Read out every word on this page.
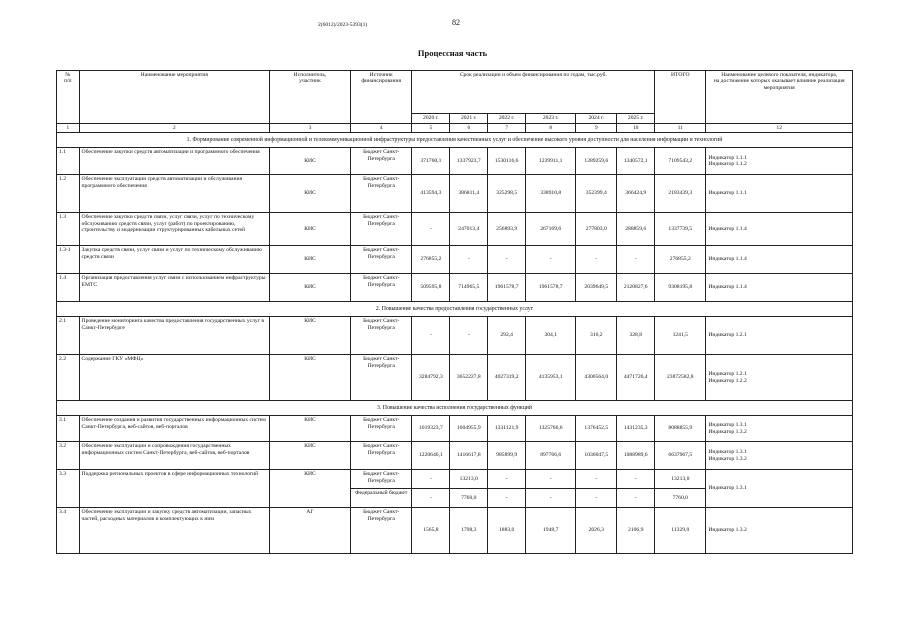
2(6012)/2023-5393(1)	82
Процессная часть
№
п/п	Наименование мероприятия	Исполнитель,
участник	Источник
финансирования	Срок реализации и объем финансирования по годам, тыс.руб.						ИТОГО	Наименование целевого показателя, индикатора,
на достижение которых оказывает влияние реализация мероприятия
				2020 г.	2021 г.	2022 г.	2023 г.	2024 г.	2025 г.		
1	2	3	4	5	6	7	8	9	10	11	12
1. Формирование современной информационной и телекоммуникационной инфраструктуры предоставления качественных услуг и обеспечение высокого уровня доступности для населения информации и технологий											
1.1	Обеспечение закупки средств автоматизации и программного обеспечения	КИС	Бюджет Санкт-Петербурга	371760,1	1337923,7	1530116,6	1239911,1	1289259,6	1340572,1	7109543,2	Индикатор 1.1.1
Индикатор 1.1.2

1.2	Обеспечение эксплуатации средств автоматизации и обслуживания программного обеспечения	КИС	Бюджет Санкт-Петербурга	413594,3	386811,4	325298,5	338910,8	352399,4	366424,9	2183439,3	Индикатор 1.1.1

1.3	Обеспечение закупки средств связи, услуг связи, услуг по техническому обслуживанию средств связи, услуг (работ) по проектированию, строительству и модернизации структурированных кабельных сетей	КИС	Бюджет Санкт-Петербурга	-	247013,4	256893,9	267169,6	277803,0	288859,6	1337739,5	Индикатор 1.1.4

1.3-1	Закупка средств связи, услуг связи и услуг по техническому обслуживанию средств связи	КИС	Бюджет Санкт-Петербурга	276855,2	-	-	-	-	-	276855,2	Индикатор 1.1.4

1.4	Организация предоставления услуг связи с использованием инфраструктуры ЕМТС	КИС	Бюджет Санкт-Петербурга	509595,8	714965,5	1961578,7	1961578,7	2039649,5	2120827,6	9308195,8	Индикатор 1.1.4

2. Повышение качества предоставления государственных услуг											
2.1	Проведение мониторинга качества предоставления государственных услуг в Санкт-Петербурге	КИС	Бюджет Санкт-Петербурга	-	-	292,4	304,1	316,2	328,8	1241,5	Индикатор 1.2.1

2.2	Содержание ГКУ «МФЦ»	КИС	Бюджет Санкт-Петербурга	3284792,3	3652227,8	4027319,2	4135953,1	4300564,0	4471726,4	23872582,8	Индикатор 1.2.1
Индикатор 1.2.2

3. Повышение качества исполнения государственных функций											
3.1	Обеспечение создания и развития государственных информационных систем Санкт-Петербурга, веб-сайтов, веб-порталов	КИС	Бюджет Санкт-Петербурга	1019323,7	1604955,9	1331121,9	1325766,6	1376452,5	1431235,3	8088855,9	Индикатор 1.3.1
Индикатор 1.3.2

3.2	Обеспечение эксплуатации и сопровождения государственных информационных систем Санкт-Петербурга, веб-сайтов, веб-порталов	КИС	Бюджет Санкт-Петербурга	1220646,1	1416617,8	985899,9	897766,6	1036047,5	1088989,6	6637967,5	Индикатор 1.3.1
Индикатор 1.3.2

3.3	Поддержка региональных проектов в сфере информационных технологий	КИС	Бюджет Санкт-Петербурга	-	13213,0	-	-	-	-	13213,0	Индикатор 1.3.1

			Федеральный бюджет	-	7760,0	-	-	-	-	7760,0	
3.4	Обеспечение эксплуатации и закупку средств автоматизации, запасных частей, расходных материалов и комплектующих к ним	АГ	Бюджет Санкт-Петербурга	1565,8	1798,3	1883,0	1948,7	2026,3	2106,9	11329,0	Индикатор 1.3.2
